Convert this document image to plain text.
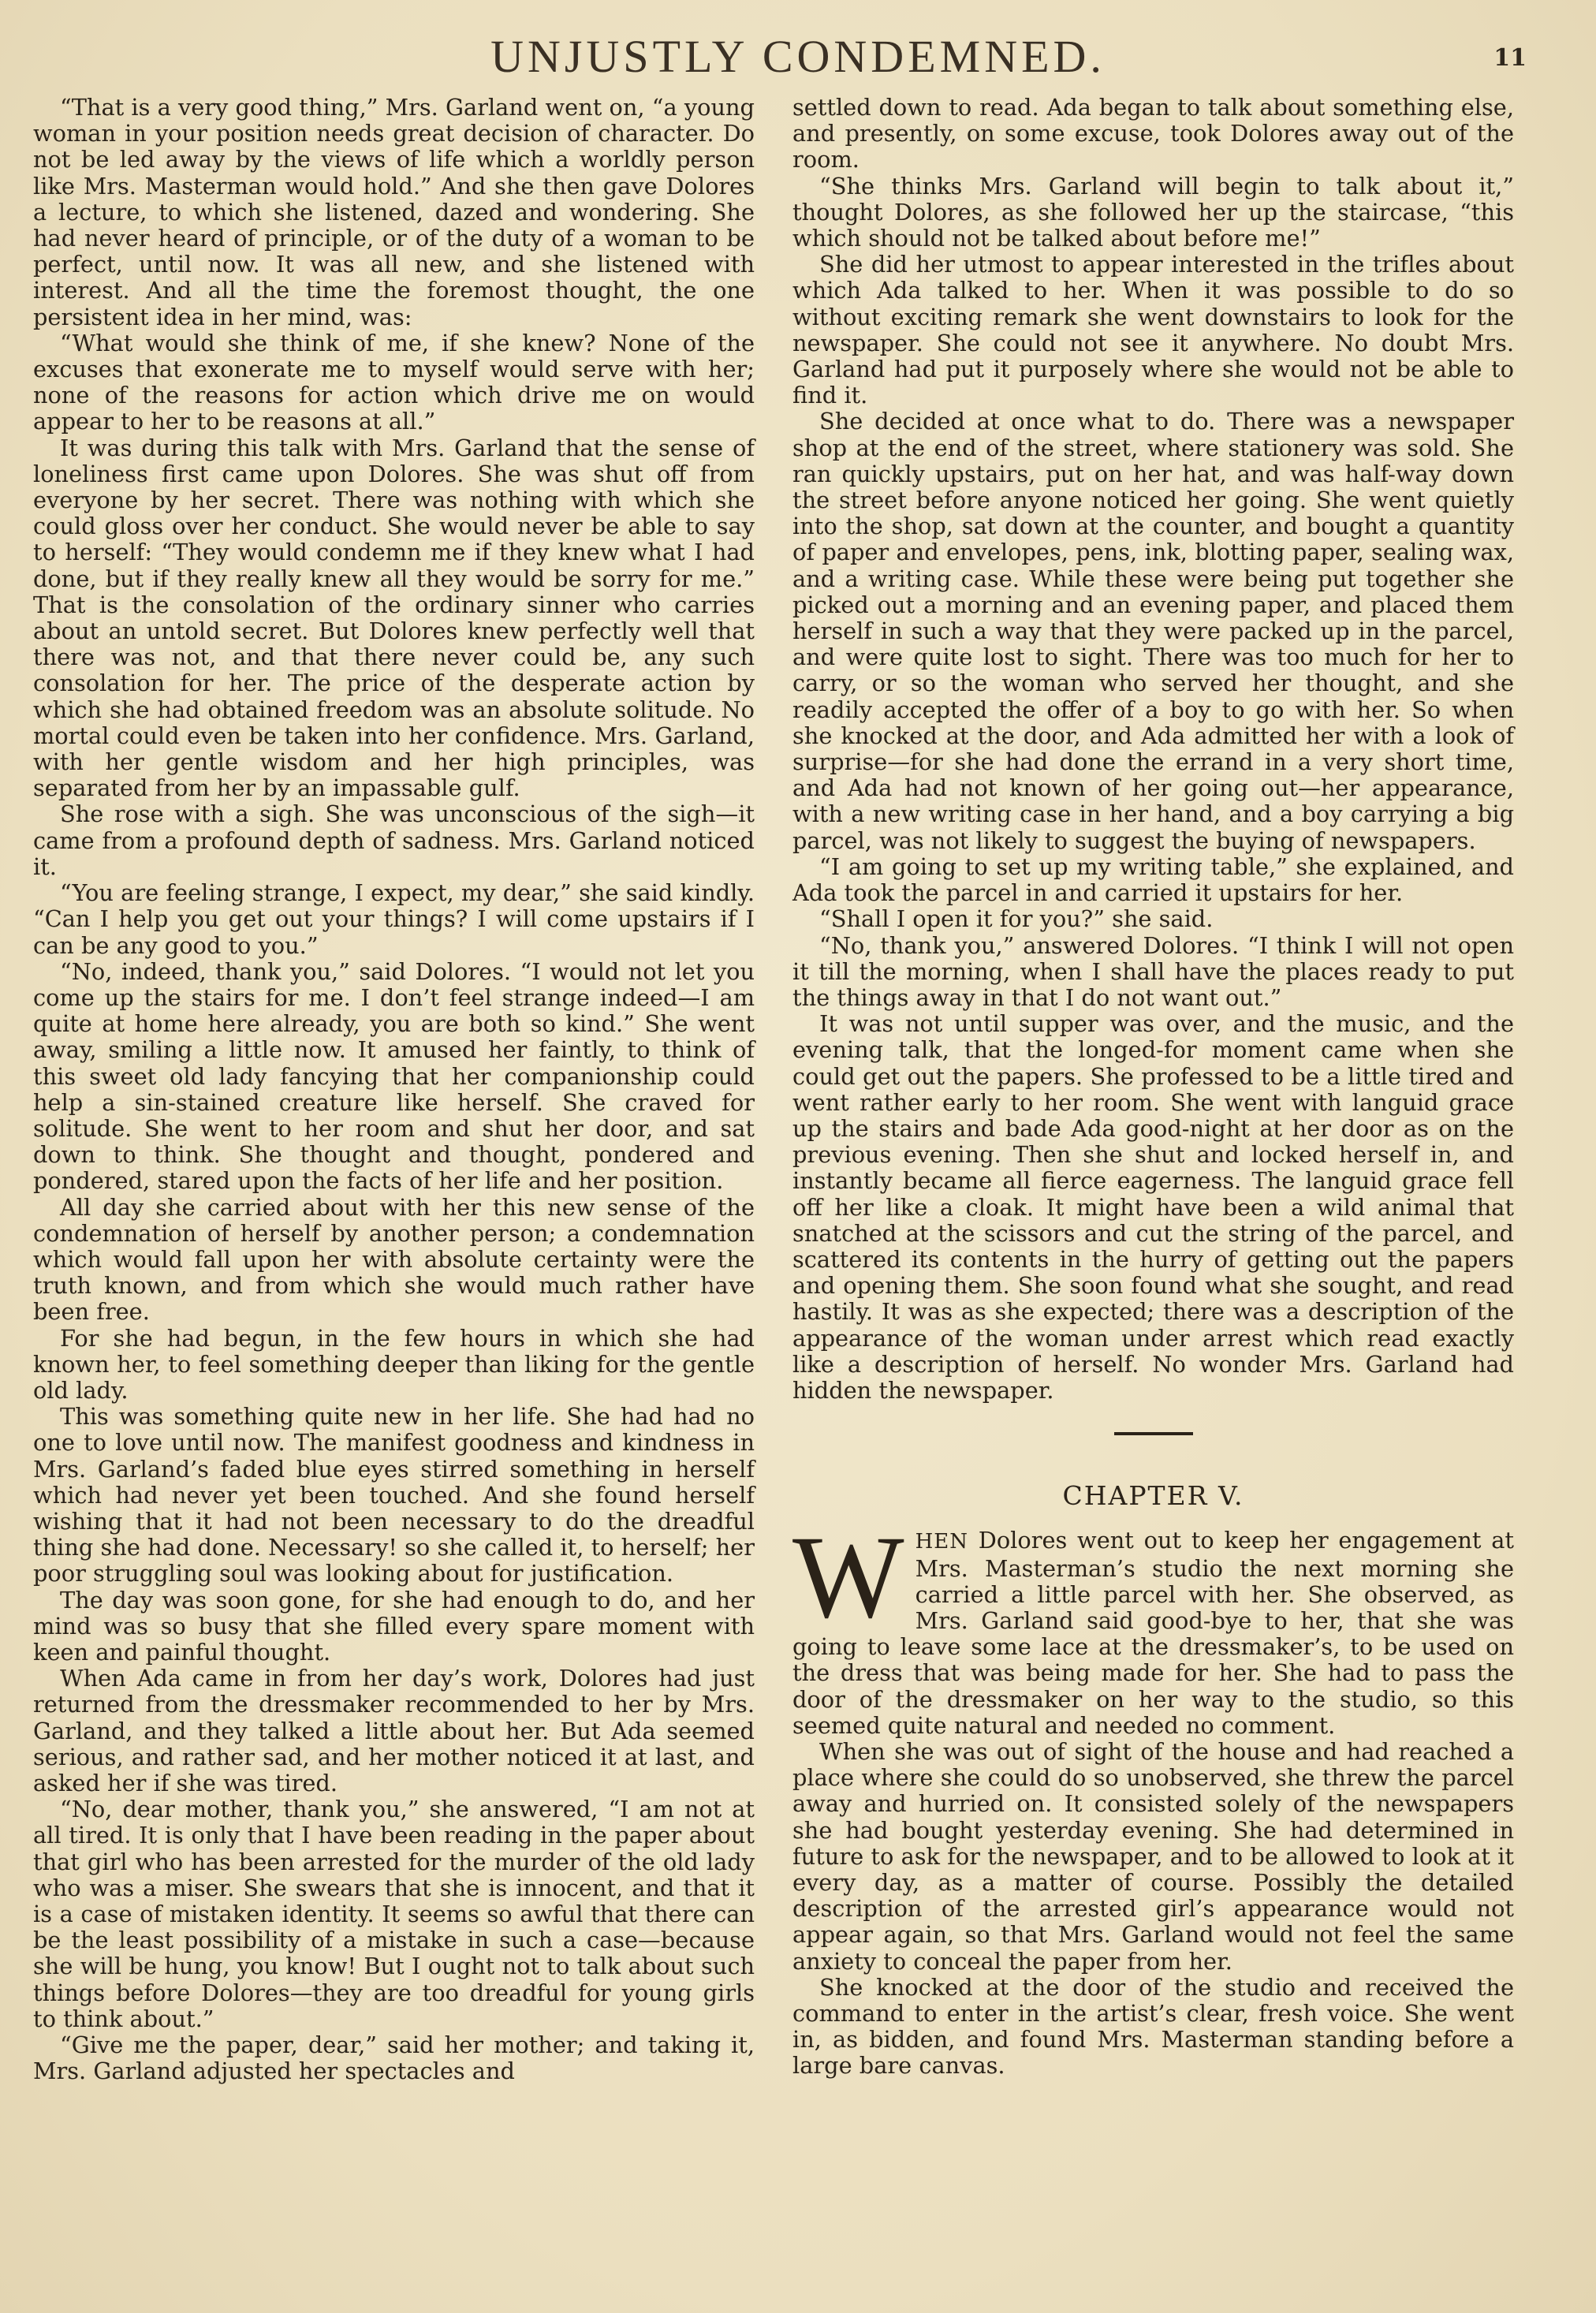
UNJUSTLY CONDEMNED.	11

“That is a very good thing,” Mrs. Garland went on, “a young woman in your position needs great decision of character. Do not be led away by the views of life which a worldly person like Mrs. Masterman would hold.” And she then gave Dolores a lecture, to which she listened, dazed and wondering. She had never heard of principle, or of the duty of a woman to be perfect, until now. It was all new, and she listened with interest. And all the time the foremost thought, the one persistent idea in her mind, was:

“What would she think of me, if she knew? None of the excuses that exonerate me to myself would serve with her; none of the reasons for action which drive me on would appear to her to be reasons at all.”

It was during this talk with Mrs. Garland that the sense of loneliness first came upon Dolores. She was shut off from everyone by her secret. There was nothing with which she could gloss over her conduct. She would never be able to say to herself: “They would condemn me if they knew what I had done, but if they really knew all they would be sorry for me.” That is the consolation of the ordinary sinner who carries about an untold secret. But Dolores knew perfectly well that there was not, and that there never could be, any such consolation for her. The price of the desperate action by which she had obtained freedom was an absolute solitude. No mortal could even be taken into her confidence. Mrs. Garland, with her gentle wisdom and her high principles, was separated from her by an impassable gulf.

She rose with a sigh. She was unconscious of the sigh—it came from a profound depth of sadness. Mrs. Garland noticed it.

“You are feeling strange, I expect, my dear,” she said kindly. “Can I help you get out your things? I will come upstairs if I can be any good to you.”

“No, indeed, thank you,” said Dolores. “I would not let you come up the stairs for me. I don’t feel strange indeed—I am quite at home here already, you are both so kind.” She went away, smiling a little now. It amused her faintly, to think of this sweet old lady fancying that her companionship could help a sin-stained creature like herself. She craved for solitude. She went to her room and shut her door, and sat down to think. She thought and thought, pondered and pondered, stared upon the facts of her life and her position.

All day she carried about with her this new sense of the condemnation of herself by another person; a condemnation which would fall upon her with absolute certainty were the truth known, and from which she would much rather have been free.

For she had begun, in the few hours in which she had known her, to feel something deeper than liking for the gentle old lady.

This was something quite new in her life. She had had no one to love until now. The manifest goodness and kindness in Mrs. Garland’s faded blue eyes stirred something in herself which had never yet been touched. And she found herself wishing that it had not been necessary to do the dreadful thing she had done. Necessary! so she called it, to herself; her poor struggling soul was looking about for justification.

The day was soon gone, for she had enough to do, and her mind was so busy that she filled every spare moment with keen and painful thought.

When Ada came in from her day’s work, Dolores had just returned from the dressmaker recommended to her by Mrs. Garland, and they talked a little about her. But Ada seemed serious, and rather sad, and her mother noticed it at last, and asked her if she was tired.

“No, dear mother, thank you,” she answered, “I am not at all tired. It is only that I have been reading in the paper about that girl who has been arrested for the murder of the old lady who was a miser. She swears that she is innocent, and that it is a case of mistaken identity. It seems so awful that there can be the least possibility of a mistake in such a case—because she will be hung, you know! But I ought not to talk about such things before Dolores—they are too dreadful for young girls to think about.”

“Give me the paper, dear,” said her mother; and taking it, Mrs. Garland adjusted her spectacles and

settled down to read. Ada began to talk about something else, and presently, on some excuse, took Dolores away out of the room.

“She thinks Mrs. Garland will begin to talk about it,” thought Dolores, as she followed her up the staircase, “this which should not be talked about before me!”

She did her utmost to appear interested in the trifles about which Ada talked to her. When it was possible to do so without exciting remark she went downstairs to look for the newspaper. She could not see it anywhere. No doubt Mrs. Garland had put it purposely where she would not be able to find it.

She decided at once what to do. There was a newspaper shop at the end of the street, where stationery was sold. She ran quickly upstairs, put on her hat, and was half-way down the street before anyone noticed her going. She went quietly into the shop, sat down at the counter, and bought a quantity of paper and envelopes, pens, ink, blotting paper, sealing wax, and a writing case. While these were being put together she picked out a morning and an evening paper, and placed them herself in such a way that they were packed up in the parcel, and were quite lost to sight. There was too much for her to carry, or so the woman who served her thought, and she readily accepted the offer of a boy to go with her. So when she knocked at the door, and Ada admitted her with a look of surprise—for she had done the errand in a very short time, and Ada had not known of her going out—her appearance, with a new writing case in her hand, and a boy carrying a big parcel, was not likely to suggest the buying of newspapers.

“I am going to set up my writing table,” she explained, and Ada took the parcel in and carried it upstairs for her.

“Shall I open it for you?” she said.

“No, thank you,” answered Dolores. “I think I will not open it till the morning, when I shall have the places ready to put the things away in that I do not want out.”

It was not until supper was over, and the music, and the evening talk, that the longed-for moment came when she could get out the papers. She professed to be a little tired and went rather early to her room. She went with languid grace up the stairs and bade Ada good-night at her door as on the previous evening. Then she shut and locked herself in, and instantly became all fierce eagerness. The languid grace fell off her like a cloak. It might have been a wild animal that snatched at the scissors and cut the string of the parcel, and scattered its contents in the hurry of getting out the papers and opening them. She soon found what she sought, and read hastily. It was as she expected; there was a description of the appearance of the woman under arrest which read exactly like a description of herself. No wonder Mrs. Garland had hidden the newspaper.

CHAPTER V.

WHEN Dolores went out to keep her engagement at Mrs. Masterman’s studio the next morning she carried a little parcel with her. She observed, as Mrs. Garland said good-bye to her, that she was going to leave some lace at the dressmaker’s, to be used on the dress that was being made for her. She had to pass the door of the dressmaker on her way to the studio, so this seemed quite natural and needed no comment.

When she was out of sight of the house and had reached a place where she could do so unobserved, she threw the parcel away and hurried on. It consisted solely of the newspapers she had bought yesterday evening. She had determined in future to ask for the newspaper, and to be allowed to look at it every day, as a matter of course. Possibly the detailed description of the arrested girl’s appearance would not appear again, so that Mrs. Garland would not feel the same anxiety to conceal the paper from her.

She knocked at the door of the studio and received the command to enter in the artist’s clear, fresh voice. She went in, as bidden, and found Mrs. Masterman standing before a large bare canvas.
